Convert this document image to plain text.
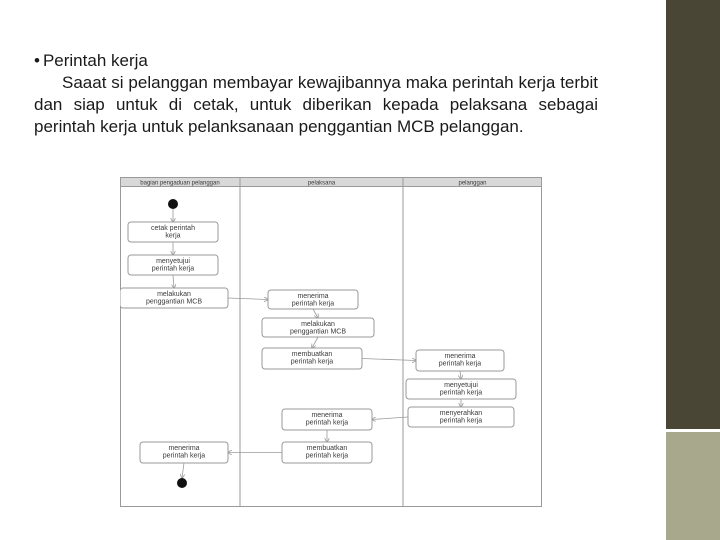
• Perintah kerja

Saaat si pelanggan membayar kewajibannya maka perintah kerja terbit dan siap untuk di cetak, untuk diberikan kepada pelaksana sebagai perintah kerja untuk pelanksanaan penggantian MCB pelanggan.

bagian pengaduan pelanggan	pelaksana	pelanggan
cetak perintah
kerja
menyetujui
perintah kerja
melakukan
penggantian MCB
menerima
perintah kerja
melakukan
penggantian MCB
membuatkan
perintah kerja
menerima
perintah kerja
menyetujui
perintah kerja
menyerahkan
perintah kerja
menerima
perintah kerja
membuatkan
perintah kerja
menerima
perintah kerja
